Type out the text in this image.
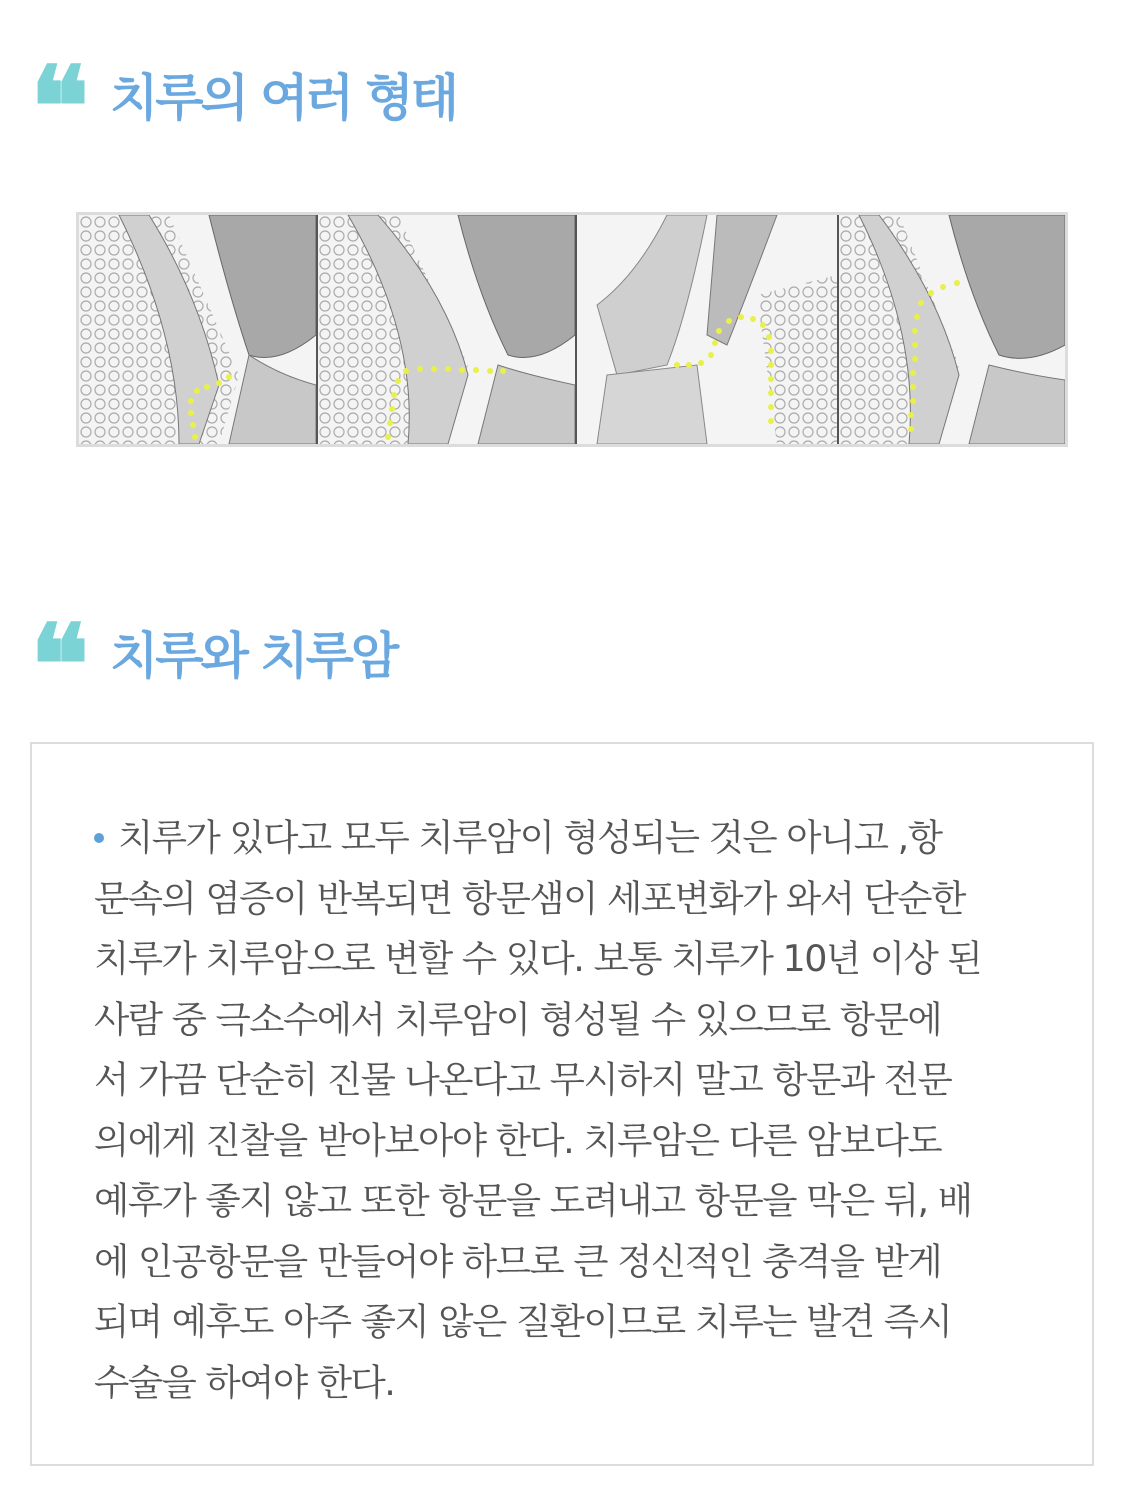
❝ 치루의 여러 형태
❝ 치루와 치루암
치루가 있다고 모두 치루암이 형성되는 것은 아니고 ,항
문속의 염증이 반복되면 항문샘이 세포변화가 와서 단순한
치루가 치루암으로 변할 수 있다. 보통 치루가 10년 이상 된
사람 중 극소수에서 치루암이 형성될 수 있으므로 항문에
서 가끔 단순히 진물 나온다고 무시하지 말고 항문과 전문
의에게 진찰을 받아보아야 한다. 치루암은 다른 암보다도
예후가 좋지 않고 또한 항문을 도려내고 항문을 막은 뒤, 배
에 인공항문을 만들어야 하므로 큰 정신적인 충격을 받게
되며 예후도 아주 좋지 않은 질환이므로 치루는 발견 즉시
수술을 하여야 한다.
